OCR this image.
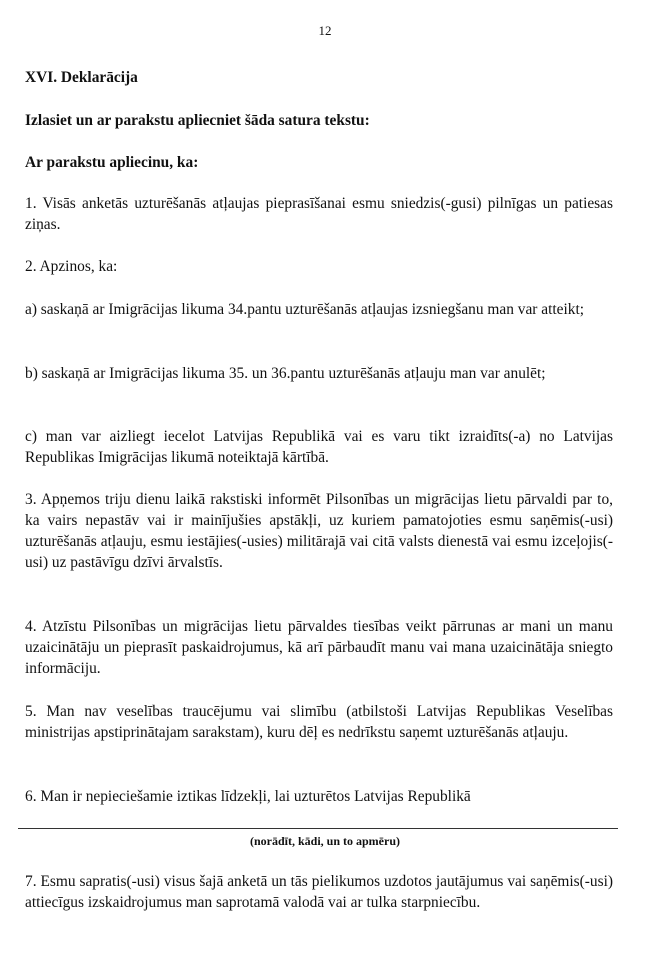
12
XVI. Deklarācija
Izlasiet un ar parakstu apliecniet šāda satura tekstu:
Ar parakstu apliecinu, ka:
1. Visās anketās uzturēšanās atļaujas pieprasīšanai esmu sniedzis(-gusi) pilnīgas un patiesas ziņas.
2. Apzinos, ka:
a) saskaņā ar Imigrācijas likuma 34.pantu uzturēšanās atļaujas izsniegšanu man var atteikt;
b) saskaņā ar Imigrācijas likuma 35. un 36.pantu uzturēšanās atļauju man var anulēt;
c) man var aizliegt iecelot Latvijas Republikā vai es varu tikt izraidīts(-a) no Latvijas Republikas Imigrācijas likumā noteiktajā kārtībā.
3. Apņemos triju dienu laikā rakstiski informēt Pilsonības un migrācijas lietu pārvaldi par to, ka vairs nepastāv vai ir mainījušies apstākļi, uz kuriem pamatojoties esmu saņēmis(-usi) uzturēšanās atļauju, esmu iestājies(-usies) militārajā vai citā valsts dienestā vai esmu izceļojis(-usi) uz pastāvīgu dzīvi ārvalstīs.
4. Atzīstu Pilsonības un migrācijas lietu pārvaldes tiesības veikt pārrunas ar mani un manu uzaicinātāju un pieprasīt paskaidrojumus, kā arī pārbaudīt manu vai mana uzaicinātāja sniegto informāciju.
5. Man nav veselības traucējumu vai slimību (atbilstoši Latvijas Republikas Veselības ministrijas apstiprinātajam sarakstam), kuru dēļ es nedrīkstu saņemt uzturēšanās atļauju.
6. Man ir nepieciešamie iztikas līdzekļi, lai uzturētos Latvijas Republikā
(norādīt, kādi, un to apmēru)
7. Esmu sapratis(-usi) visus šajā anketā un tās pielikumos uzdotos jautājumus vai saņēmis(-usi) attiecīgus izskaidrojumus man saprotamā valodā vai ar tulka starpniecību.
